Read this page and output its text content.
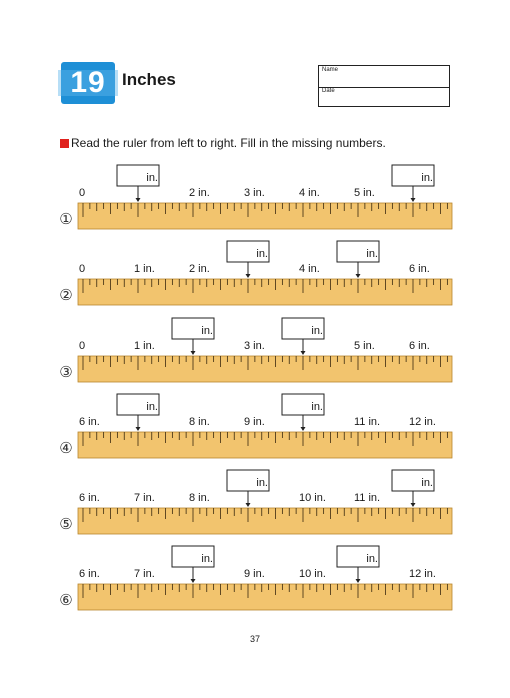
19 Inches	Name
Date
Read the ruler from left to right. Fill in the missing numbers.
①
0
in.
2 in.	3 in.	4 in.	5 in.
in.
②
0	1 in.	2 in.
in.
4 in.
in.
6 in.
③
0	1 in.
in.
3 in.
in.
5 in.	6 in.
④
6 in.
in.
8 in.	9 in.
in.
11 in.	12 in.
⑤
6 in.	7 in.	8 in.
in.
10 in.	11 in.
in.
⑥
6 in.	7 in.
in.
9 in.	10 in.
in.
12 in.
37
